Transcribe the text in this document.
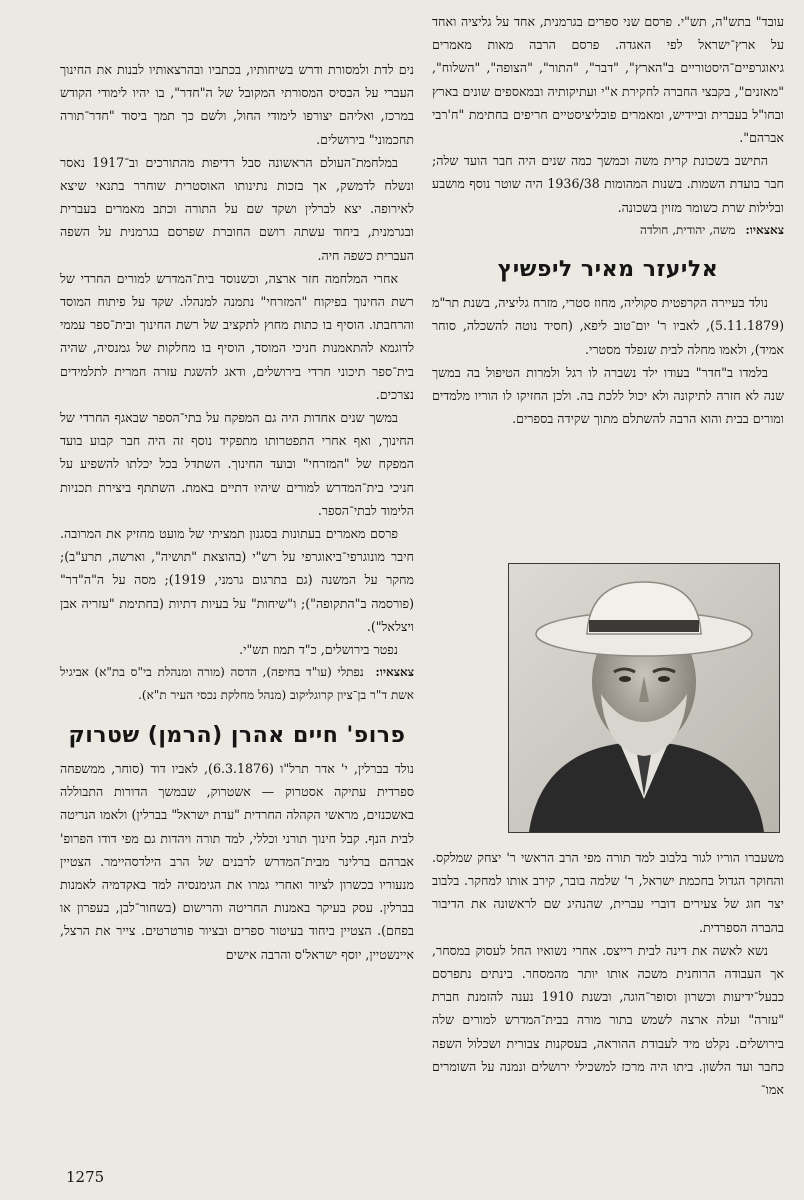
עובד" בתש"ה, תש"י. פרסם שני ספרים בגרמנית, אחד על גליציה ואחד על ארץ־ישראל לפי האגדה. פרסם הרבה מאות מאמרים גיאוגרפיים־היסטוריים ב"הארץ", "דבר", "התור", "הצופה", "השלוח", "מאזנים", בקבצי החברה לחקירת א"י ועתיקותיה ובמאספים שונים בארץ ובחו"ל בעברית וביידיש, ומאמרים פובליציסטיים חריפים בחתימת "ח'רבי אברהם".

התישב בשכונת קרית משה וכמשך כמה שנים היה חבר הועד שלה; חבר בועדת השמות. בשנות המהומות 1936/38 היה שוטר נוסף מושבע ובלילות שרת כשומר מזוין בשכונה.

צאצאיו: משה, יהודית, חולדה

אליעזר מאיר ליפשיץ

נולד בעיירה הקרפטית סקוליה, מחוז סטרי, מזרח גליציה, בשנת תר"מ (5.11.1879), לאביו ר' יום־טוב ליפא, (חסיד נוטה להשכלה, סוחר אמיד), ולאמו מחלה לבית שנפלד מסטרי.

בלמדו ב"חדר" בעודו ילד נשברה לו רגל ולמרות הטיפול בה במשך שנה לא חזרה לתיקונה ולא יכול ללכת בה. ולכן החזיקו לו הוריו מלמדים ומורים בבית והוא הרבה להשתלם מתוך שקידה בספרים.

משעברו הוריו לגור בלבוב למד תורה מפי הרב הראשי ר' יצחק שמלקס. והחוקר הגדול בחכמת ישראל, ר' שלמה בובר, קירב אותו למחקר. בלבוב יצר חוג של צעירים דוברי עברית, שהנהיג שם לראשונה את הדיבור בהברה הספרדית.

נשא לאשה את דינה לבית רייצס. אחרי נשואיו החל לעסוק במסחר, אך העבודה הרוחנית משכה אותו יותר מהמסחר. בינתים נתפרסם כבעל־ידיעות וכשרון וסופר־הוגה, ובשנת 1910 נענה להזמנת חברת "עזרה" ועלה ארצה לשמש בתור מורה בבית־המדרש למורים שלה בירושלים. נקלט מיד לעבודת ההוראה, בעסקנות צבורית ושכלול השפה כחבר ועד הלשון. ביתו היה מרכז למשכילי ירושלים ונמנה על השומרים אמו־

נים לדת ולמסורת ודרש בשיחותיו, בכתביו ובהרצאותיו לבנות את החינוך העברי על הבסיס המסורתי המקובל של ה"חדר", בו יהיו לימודי הקודש במרכז, ואליהם יצורפו לימודי החול, ולשם כך תמך ביסוד "חדר־תורה תחכמוני" בירושלים.

במלחמת־העולם הראשונה סבל רדיפות מהתורכים וב־1917 נאסר ונשלח לדמשק, אך בזכות נתינותו האוסטרית שוחרר בתנאי שיצא לאירופה. יצא לברלין ושקד שם על התורה וכתב מאמרים בעברית ובגרמנית, ביחוד עשתה רושם החוברת שפרסם בגרמנית על השפה העברית כשפה חיה.

אחרי המלחמה חזר ארצה, וכשנוסד בית־המדרש למורים החרדי של רשת החינוך בפיקוח "המזרחי" נתמנה למנהלו. שקד על פיתוח המוסד והרחבתו. הוסיף בו כתות מחוץ לתקציב של רשת החינוך ובית־ספר עממי לדוגמא להתאמנות חניכי המוסד, הוסיף בו מחלקות של גמנסיה, שהיה בית־ספר תיכוני חרדי בירושלים, ודאג להשגת עזרה חמרית לתלמידים נצרכים.

במשך שנים אחדות היה גם המפקח על בתי־הספר שבאגף החרדי של החינוך, ואף אחרי התפטרותו מתפקיד נוסף זה היה חבר קבוע בועד המפקח של "המזרחי" ובועד החינוך. השתדל בכל יכלתו להשפיע על חניכי בית־המדרש למורים שיהיו דתיים באמת. השתתף ביצירת תכניות הלימוד לבתי־הספר.

פרסם מאמרים בעתונות בסגנון תמציתי של מועט מחזיק את המרובה. חיבר מונוגרפי־ביאוגרפי על רש"י (בהוצאת "תושיה", וארשה, תרע"ב); מחקר על המשנה (גם בתרגום גרמני, 1919); מסה על ה"ה"דר" (פורסמה ב"התקופה"); ו"שיחות" על בעיות דתיות (בחתימת "עזריה אבן ויצלאל").

נפטר בירושלים, כ"ד תמוז תש"י.

צאצאיו: נפתלי (עו"ד בחיפה), הדסה (מורה ומנהלת בי"ס בת"א) אביגיל אשת ד"ר בן־ציון קרוגליקוב (מנהל מחלקת נכסי העיר ת"א).

פרופ' חיים אהרן (הרמן) שטרוק

נולד בברלין, י' אדר תרל"ו (6.3.1876), לאביו דוד (סוחר, ממשפחה ספרדית עתיקה אסטרוק — אשטרוק, שבמשך הדורות התבוללה באשכנזים, מראשי הקהלה החרדית "עדת ישראל" בברלין) ולאמו הנריטה לבית הנף. קבל חינוך תורני וכללי, למד תורה ויהדות גם מפי דודו הפרופ' אברהם ברלינר מבית־המדרש לרבנים של הרב הילדסהיימר. הצטיין מנעוריו בכשרון לציור ואחרי גמרו את הגימנסיה למד באקדמיה לאמנות בברלין. עסק בעיקר באמנות החריטה והרישום (בשחור־לבן, בעפרון או בפחם). הצטיין ביחוד בעיטור ספרים ובציור פורטרטים. צייר את הרצל, איינשטיין, יוסף ישראל'ס והרבה אישים

1275
